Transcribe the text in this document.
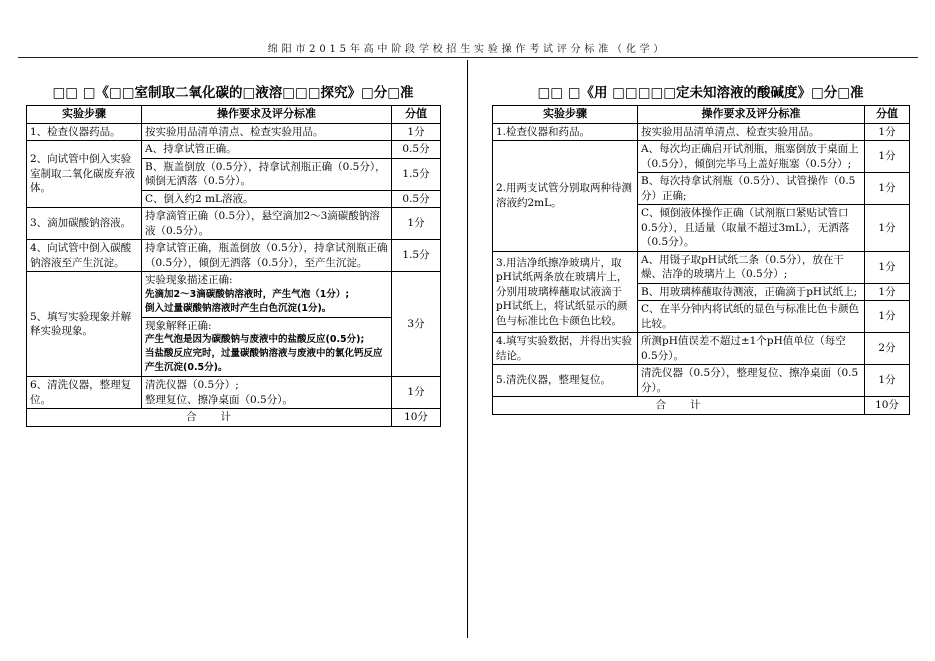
绵阳市2015年高中阶段学校招生实验操作考试评分标准（化学）
□□ □《□□室制取二氧化碳的□液溶□□□探究》□分□准
实验步骤	操作要求及评分标准	分值
1、检查仪器药品。	按实验用品清单清点、检查实验用品。	1分
2、向试管中倒入实验室制取二氧化碳废弃液体。	A、持拿试管正确。	0.5分
	B、瓶盖倒放（0.5分），持拿试剂瓶正确（0.5分），倾倒无洒落（0.5分）。	1.5分
	C、倒入约2 mL溶液。	0.5分
3、滴加碳酸钠溶液。	持拿滴管正确（0.5分），悬空滴加2～3滴碳酸钠溶液（0.5分）。	1分
4、向试管中倒入碳酸钠溶液至产生沉淀。	持拿试管正确，瓶盖倒放（0.5分），持拿试剂瓶正确（0.5分），倾倒无洒落（0.5分），至产生沉淀。	1.5分
5、填写实验现象并解释实验现象。	实验现象描述正确:
先滴加2～3滴碳酸钠溶液时，产生气泡（1分）;
倒入过量碳酸钠溶液时产生白色沉淀(1分)。	3分

	现象解释正确:
产生气泡是因为碳酸钠与废液中的盐酸反应(0.5分);
当盐酸反应完时，过量碳酸钠溶液与废液中的氯化钙反应产生沉淀(0.5分)。	

6、清洗仪器，整理复位。	清洗仪器（0.5分）;
整理复位、擦净桌面（0.5分）。	1分
合　　计		10分
□□ □《用 □□□□□定未知溶液的酸碱度》□分□准
实验步骤	操作要求及评分标准	分值
1.检查仪器和药品。	按实验用品清单清点、检查实验用品。	1分
2.用两支试管分别取两种待测溶液约2mL。	A、每次均正确启开试剂瓶，瓶塞倒放于桌面上（0.5分），倾倒完毕马上盖好瓶塞（0.5分）;	1分
	B、每次持拿试剂瓶（0.5分）、试管操作（0.5分）正确;	1分
	C、倾倒液体操作正确（试剂瓶口紧贴试管口0.5分），且适量（取量不超过3mL），无洒落（0.5分）。	1分
3.用洁净纸擦净玻璃片，取pH试纸两条放在玻璃片上，分别用玻璃棒蘸取试液滴于pH试纸上，将试纸显示的颜色与标准比色卡颜色比较。	A、用镊子取pH试纸二条（0.5分），放在干燥、洁净的玻璃片上（0.5分）;	1分
	B、用玻璃棒蘸取待测液，正确滴于pH试纸上;	1分
	C、在半分钟内将试纸的显色与标准比色卡颜色比较。	1分
4.填写实验数据，并得出实验结论。	所测pH值误差不超过±1个pH值单位（每空0.5分）。	2分
5.清洗仪器，整理复位。	清洗仪器（0.5分），整理复位、擦净桌面（0.5分）。	1分
合　　计		10分
